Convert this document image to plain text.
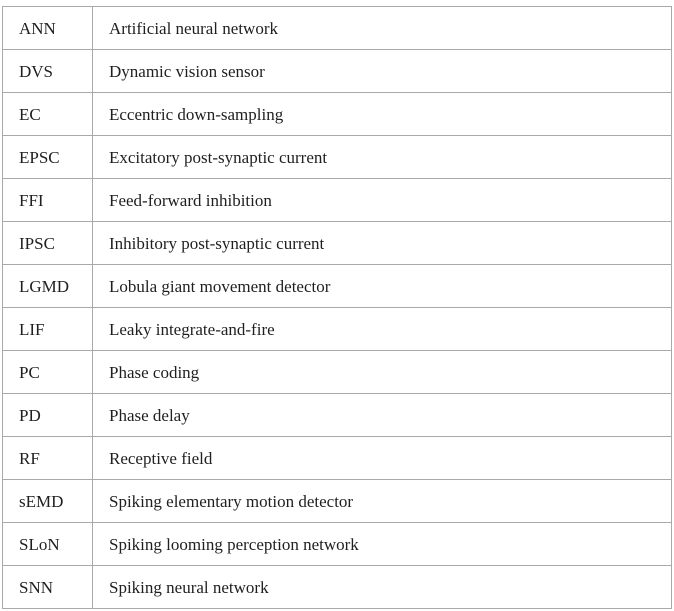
ANN	Artificial neural network
DVS	Dynamic vision sensor
EC	Eccentric down-sampling
EPSC	Excitatory post-synaptic current
FFI	Feed-forward inhibition
IPSC	Inhibitory post-synaptic current
LGMD	Lobula giant movement detector
LIF	Leaky integrate-and-fire
PC	Phase coding
PD	Phase delay
RF	Receptive field
sEMD	Spiking elementary motion detector
SLoN	Spiking looming perception network
SNN	Spiking neural network
